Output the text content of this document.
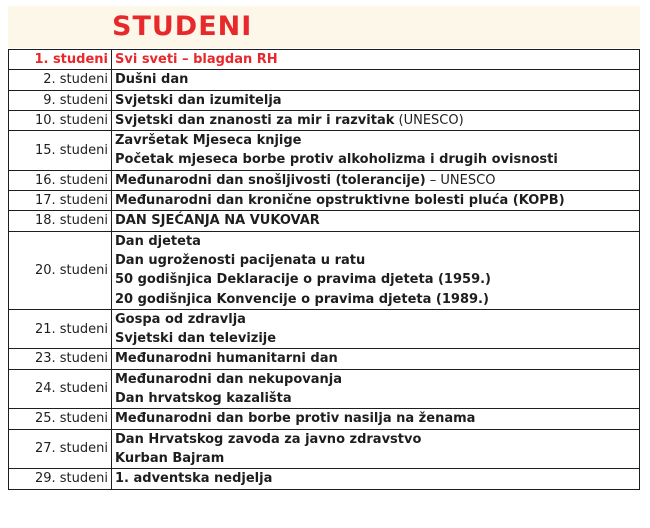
STUDENI
1. studeni	Svi sveti – blagdan RH

2. studeni	Dušni dan

9. studeni	Svjetski dan izumitelja

10. studeni	Svjetski dan znanosti za mir i razvitak (UNESCO)

15. studeni	Završetak Mjeseca knjige
Početak mjeseca borbe protiv alkoholizma i drugih ovisnosti

16. studeni	Međunarodni dan snošljivosti (tolerancije) – UNESCO

17. studeni	Međunarodni dan kronične opstruktivne bolesti pluća (KOPB)

18. studeni	DAN SJEĆANJA NA VUKOVAR

20. studeni	Dan djeteta
Dan ugroženosti pacijenata u ratu
50 godišnjica Deklaracije o pravima djeteta (1959.)
20 godišnjica Konvencije o pravima djeteta (1989.)

21. studeni	Gospa od zdravlja
Svjetski dan televizije

23. studeni	Međunarodni humanitarni dan

24. studeni	Međunarodni dan nekupovanja
Dan hrvatskog kazališta

25. studeni	Međunarodni dan borbe protiv nasilja na ženama

27. studeni	Dan Hrvatskog zavoda za javno zdravstvo
Kurban Bajram

29. studeni	1. adventska nedjelja
